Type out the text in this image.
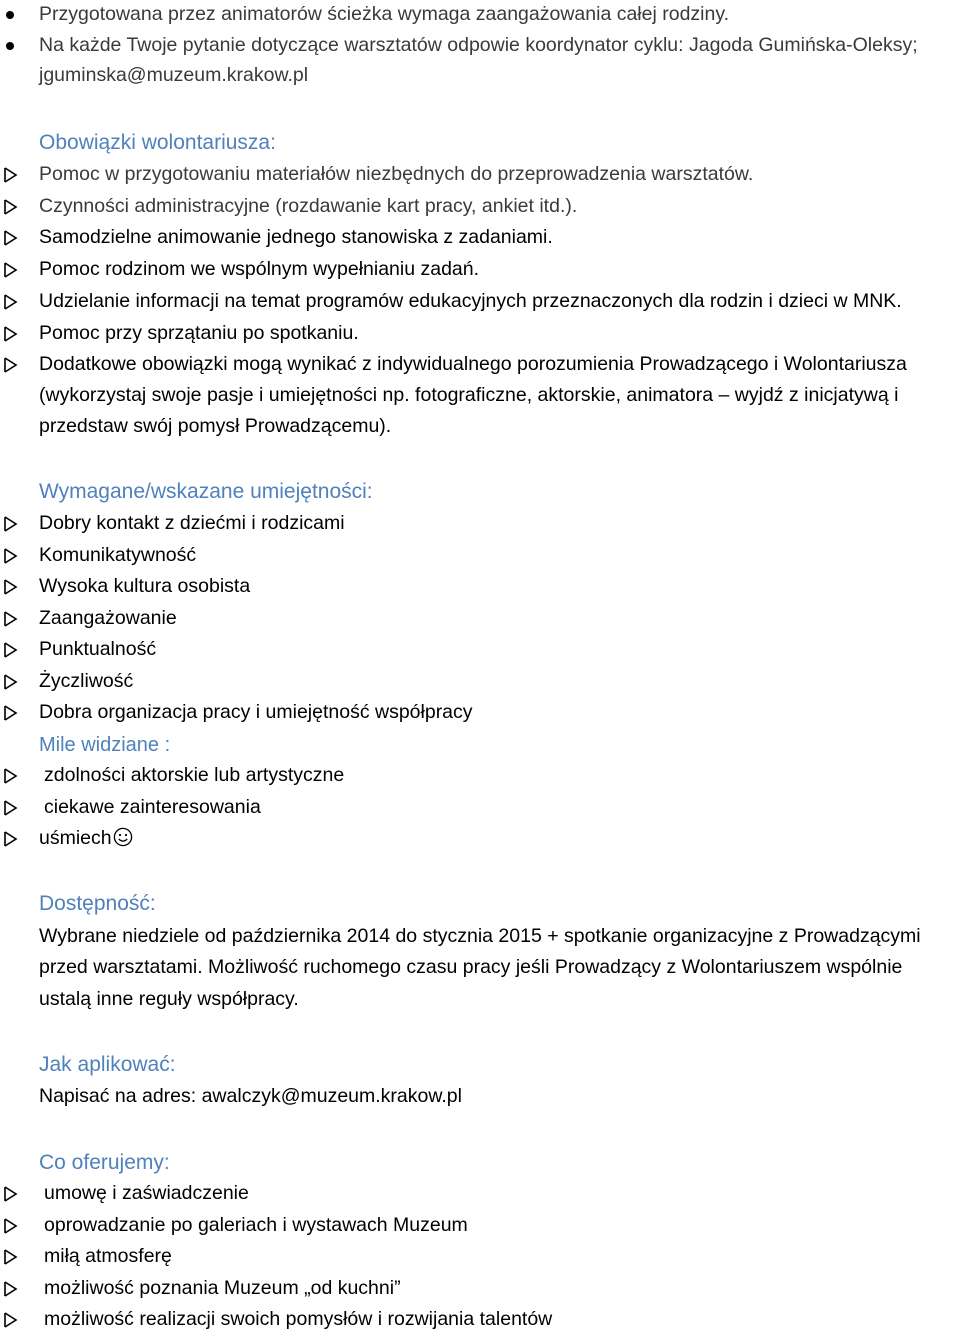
Przygotowana przez animatorów ścieżka wymaga zaangażowania całej rodziny.
Na każde Twoje pytanie dotyczące warsztatów odpowie koordynator cyklu: Jagoda Gumińska-Oleksy;
jguminska@muzeum.krakow.pl
Obowiązki wolontariusza:
Pomoc w przygotowaniu materiałów niezbędnych do przeprowadzenia warsztatów.
Czynności administracyjne (rozdawanie kart pracy, ankiet itd.).
Samodzielne animowanie jednego stanowiska z zadaniami.
Pomoc rodzinom we wspólnym wypełnianiu zadań.
Udzielanie informacji na temat programów edukacyjnych przeznaczonych dla rodzin i dzieci w MNK.
Pomoc przy sprzątaniu po spotkaniu.
Dodatkowe obowiązki mogą wynikać z indywidualnego porozumienia Prowadzącego i Wolontariusza
(wykorzystaj swoje pasje i umiejętności np. fotograficzne, aktorskie, animatora – wyjdź z inicjatywą i
przedstaw swój pomysł Prowadzącemu).
Wymagane/wskazane umiejętności:
Dobry kontakt z dziećmi i rodzicami
Komunikatywność
Wysoka kultura osobista
Zaangażowanie
Punktualność
Życzliwość
Dobra organizacja pracy i umiejętność współpracy
Mile widziane :
zdolności aktorskie lub artystyczne
ciekawe zainteresowania
uśmiech
Dostępność:
Wybrane niedziele od października 2014 do stycznia 2015 + spotkanie organizacyjne z Prowadzącymi
przed warsztatami. Możliwość ruchomego czasu pracy jeśli Prowadzący z Wolontariuszem wspólnie
ustalą inne reguły współpracy.
Jak aplikować:
Napisać na adres: awalczyk@muzeum.krakow.pl
Co oferujemy:
umowę i zaświadczenie
oprowadzanie po galeriach i wystawach Muzeum
miłą atmosferę
możliwość poznania Muzeum „od kuchni”
możliwość realizacji swoich pomysłów i rozwijania talentów
